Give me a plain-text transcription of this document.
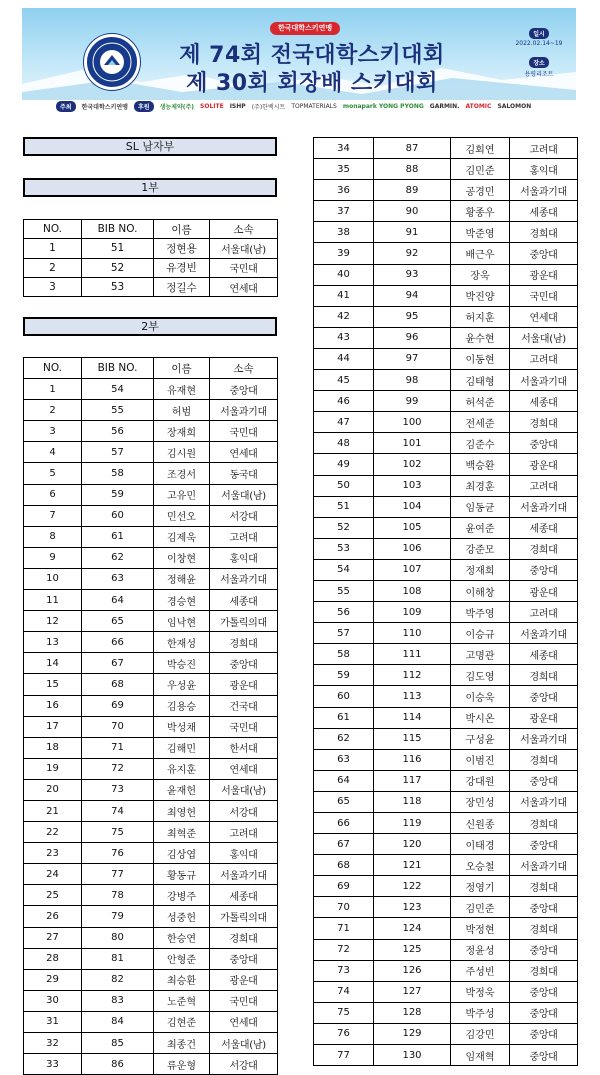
한국대학스키연맹
제 74회 전국대학스키대회
제 30회 회장배 스키대회
일시
2022.02.14~19
장소
용평리조트
주최	한국대학스키연맹	후원	생능제약(주) SOLITE ISHP (주)한백시트 TOPMATERIALS monapark YONG PYONG GARMIN. ATOMIC SALOMON
SL 남자부
1부
2부
NO.	BIB NO.	이름	소속
1	51	정현용	서울대(남)
2	52	유경빈	국민대
3	53	정길수	연세대
NO.	BIB NO.	이름	소속
1	54	유재현	중앙대
2	55	허범	서울과기대
3	56	장재희	국민대
4	57	김시원	연세대
5	58	조경서	동국대
6	59	고유민	서울대(남)
7	60	민선오	서강대
8	61	김제욱	고려대
9	62	이창현	홍익대
10	63	정해윤	서울과기대
11	64	경승현	세종대
12	65	임낙현	가톨릭의대
13	66	한재성	경희대
14	67	박승진	중앙대
15	68	우성윤	광운대
16	69	김용승	건국대
17	70	박성채	국민대
18	71	김해민	한서대
19	72	유지훈	연세대
20	73	윤재헌	서울대(남)
21	74	최영헌	서강대
22	75	최혁준	고려대
23	76	김상엽	홍익대
24	77	황동규	서울과기대
25	78	강병주	세종대
26	79	성중헌	가톨릭의대
27	80	한승연	경희대
28	81	안형준	중앙대
29	82	최승환	광운대
30	83	노준혁	국민대
31	84	김현준	연세대
32	85	최종건	서울대(남)
33	86	류운형	서강대
34	87	김회연	고려대
35	88	김민준	홍익대
36	89	공경민	서울과기대
37	90	황종우	세종대
38	91	박준영	경희대
39	92	배근우	중앙대
40	93	장욱	광운대
41	94	박진양	국민대
42	95	허지훈	연세대
43	96	윤수현	서울대(남)
44	97	이동현	고려대
45	98	김태형	서울과기대
46	99	허석준	세종대
47	100	전세준	경희대
48	101	김준수	중앙대
49	102	백승환	광운대
50	103	최경훈	고려대
51	104	임동균	서울과기대
52	105	윤여준	세종대
53	106	강준모	경희대
54	107	정재희	중앙대
55	108	이해창	광운대
56	109	박주영	고려대
57	110	이승규	서울과기대
58	111	고명관	세종대
59	112	김도영	경희대
60	113	이승욱	중앙대
61	114	박시온	광운대
62	115	구성윤	서울과기대
63	116	이범진	경희대
64	117	강대원	중앙대
65	118	장민성	서울과기대
66	119	신원종	경희대
67	120	이태경	중앙대
68	121	오승철	서울과기대
69	122	정영기	경희대
70	123	김민준	중앙대
71	124	박정현	경희대
72	125	정윤성	중앙대
73	126	주성빈	경희대
74	127	박정욱	중앙대
75	128	박주성	중앙대
76	129	김강민	중앙대
77	130	임재혁	중앙대
